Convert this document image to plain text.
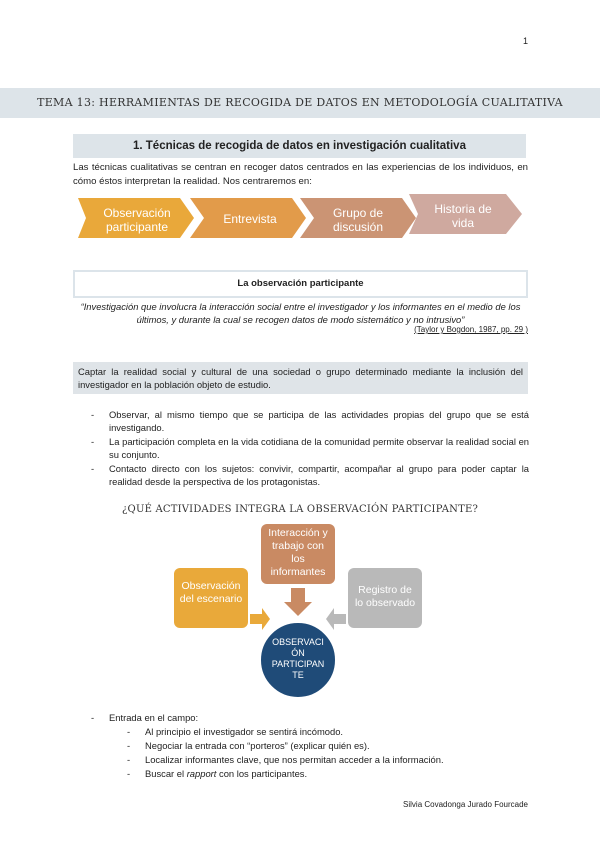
1
TEMA 13: HERRAMIENTAS DE RECOGIDA DE DATOS EN METODOLOGÍA CUALITATIVA
1. Técnicas de recogida de datos en investigación cualitativa
Las técnicas cualitativas se centran en recoger datos centrados en las experiencias de los individuos, en cómo éstos interpretan la realidad. Nos centraremos en:
Observación
participante
Entrevista	Grupo de
discusión
Historia de
vida
La observación participante
“Investigación que involucra la interacción social entre el investigador y los informantes en el medio de los últimos, y durante la cual se recogen datos de modo sistemático y no intrusivo”
(Taylor y Bogdon, 1987, pp. 29 )
Captar la realidad social y cultural de una sociedad o grupo determinado mediante la inclusión del investigador en la población objeto de estudio.
- Observar, al mismo tiempo que se participa de las actividades propias del grupo que se está investigando.
- La participación completa en la vida cotidiana de la comunidad permite observar la realidad social en su conjunto.
- Contacto directo con los sujetos: convivir, compartir, acompañar al grupo para poder captar la realidad desde la perspectiva de los protagonistas.
¿QUÉ ACTIVIDADES INTEGRA LA OBSERVACIÓN PARTICIPANTE?
Observación
del escenario
Interacción y
trabajo con
los
informantes
Registro de
lo observado
OBSERVACI
ÓN
PARTICIPAN
TE
- Entrada en el campo:
- Al principio el investigador se sentirá incómodo.
- Negociar la entrada con “porteros” (explicar quién es).
- Localizar informantes clave, que nos permitan acceder a la información.
- Buscar el rapport con los participantes.
Silvia Covadonga Jurado Fourcade
